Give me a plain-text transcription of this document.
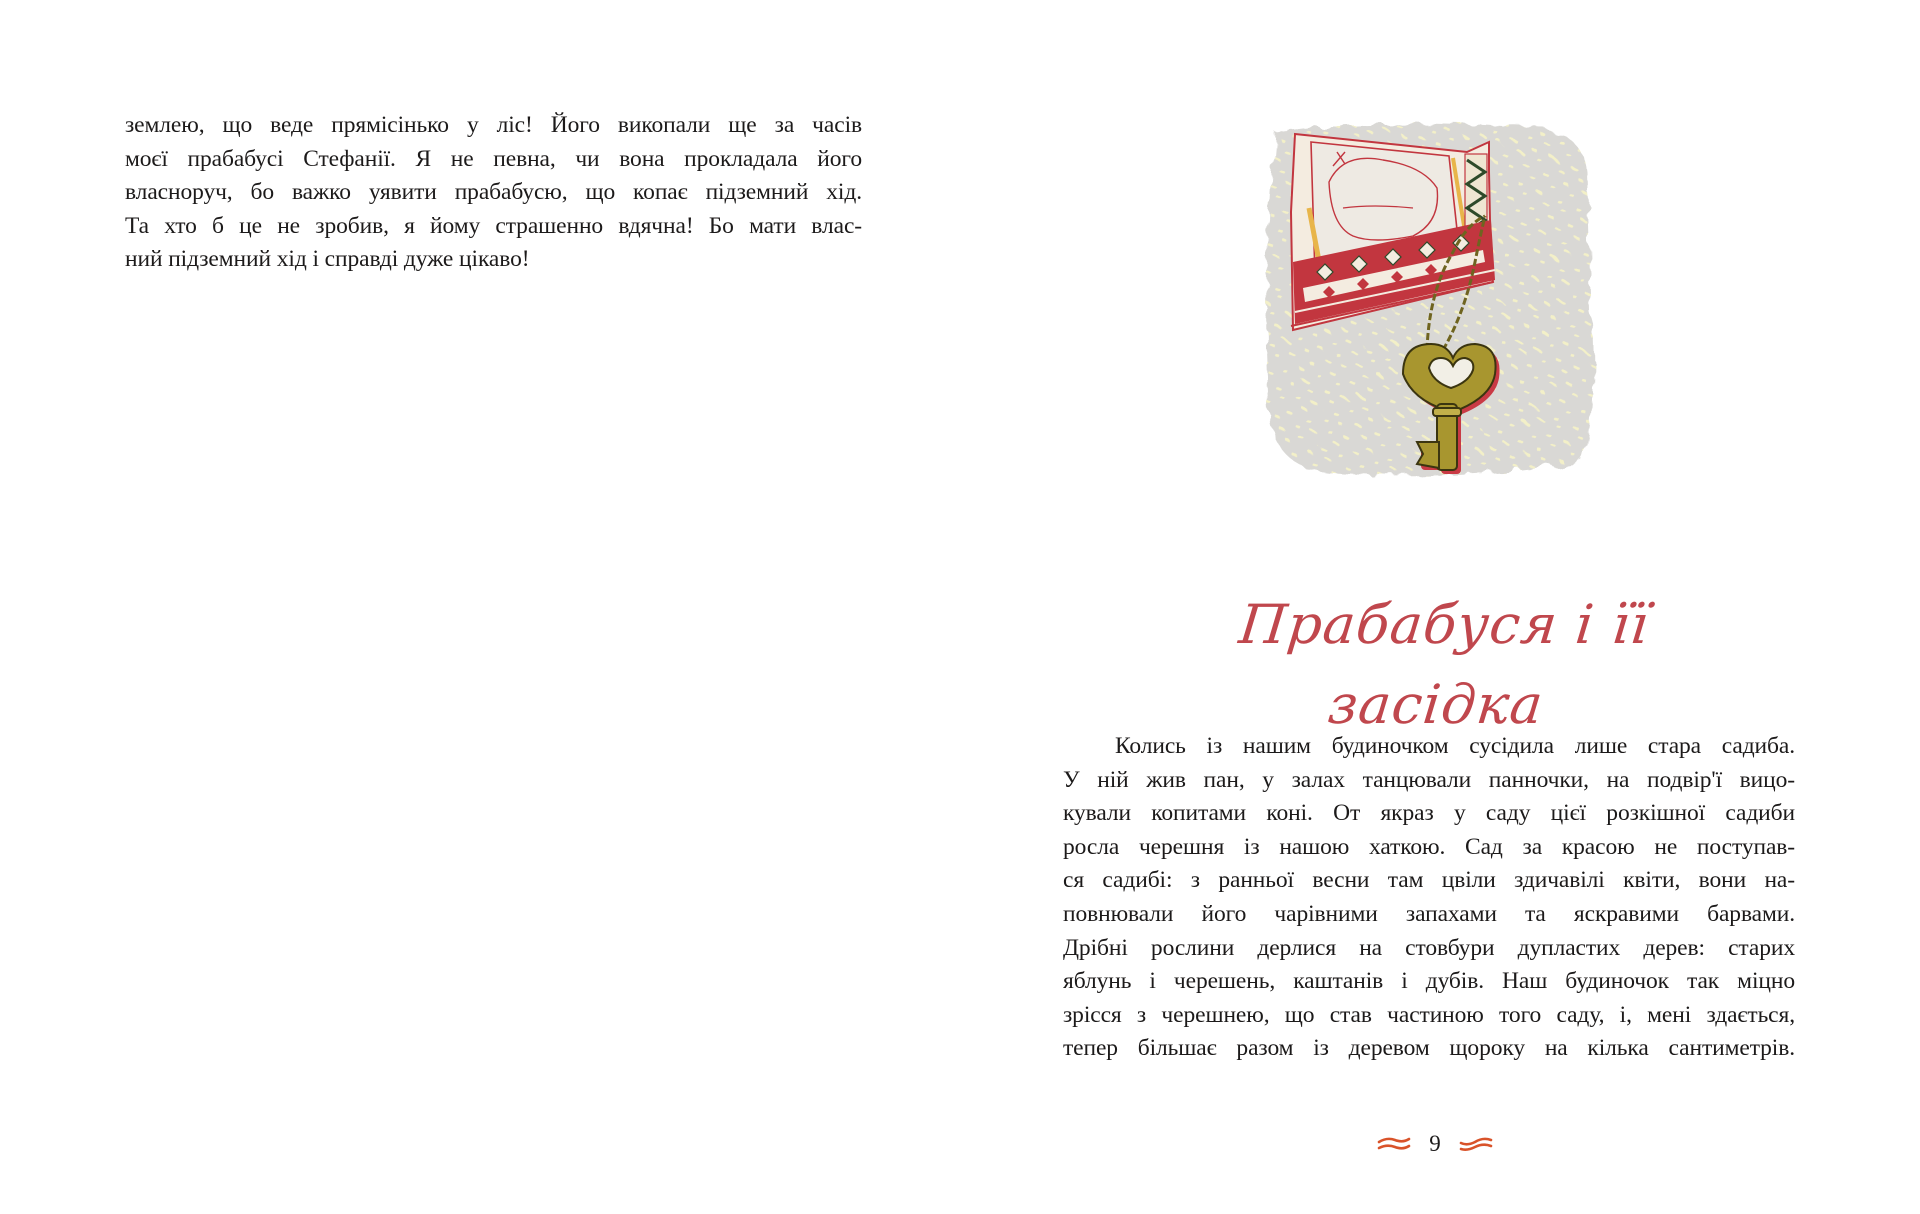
землею, що веде прямісінько у ліс! Його викопали ще за часів
моєї прабабусі Стефанії. Я не певна, чи вона прокладала його
власноруч, бо важко уявити прабабусю, що копає підземний хід.
Та хто б це не зробив, я йому страшенно вдячна! Бо мати влас-
ний підземний хід і справді дуже цікаво!
Прабабуся і її засідка
Колись із нашим будиночком сусідила лише стара садиба.
У ній жив пан, у залах танцювали панночки, на подвір'ї вицо-
кували копитами коні. От якраз у саду цієї розкішної садиби
росла черешня із нашою хаткою. Сад за красою не поступав-
ся садибі: з ранньої весни там цвіли здичавілі квіти, вони на-
повнювали його чарівними запахами та яскравими барвами.
Дрібні рослини дерлися на стовбури дупластих дерев: старих
яблунь і черешень, каштанів і дубів. Наш будиночок так міцно
зрісся з черешнею, що став частиною того саду, і, мені здається,
тепер більшає разом із деревом щороку на кілька сантиметрів.
9
